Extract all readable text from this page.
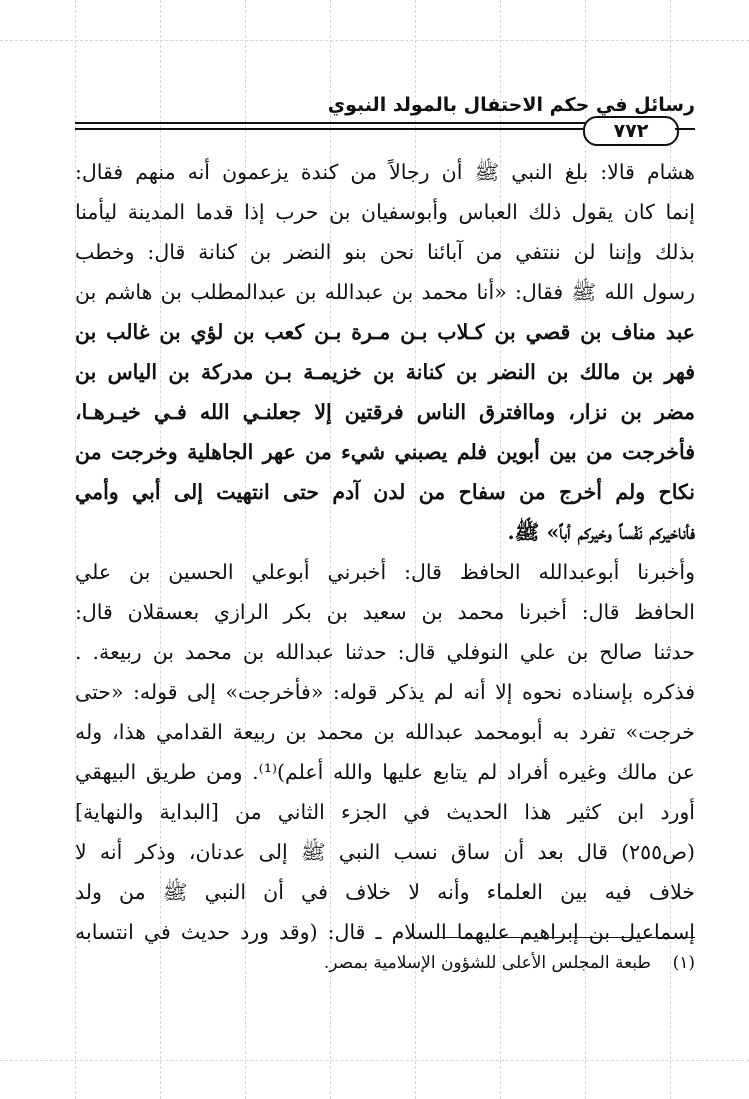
رسائل في حكم الاحتفال بالمولد النبوي
٧٧٢
هشام قالا: بلغ النبي ﷺ أن رجالاً من كندة يزعمون أنه منهم فقال:
إنما كان يقول ذلك العباس وأبوسفيان بن حرب إذا قدما المدينة ليأمنا
بذلك وإننا لن ننتفي من آبائنا نحن بنو النضر بن كنانة قال: وخطب
رسول الله ﷺ فقال: «أنا محمد بن عبدالله بن عبدالمطلب بن هاشم بن
عبد مناف بن قصي بن كـلاب بـن مـرة بـن كعب بن لؤي بن غالب بن
فهر بن مالك بن النضر بن كنانة بن خزيمـة بـن مدركة بن الياس بن
مضر بن نزار، وماافترق الناس فرقتين إلا جعلنـي الله فـي خيـرهـا،
فأخرجت من بين أبوين فلم يصبني شيء من عهر الجاهلية وخرجت من
نكاح ولم أخرج من سفاح من لدن آدم حتى انتهيت إلى أبي وأمي
فأناخيركم نَفْساً وخيركم أباً» ﷺ.
وأخبرنا أبوعبدالله الحافظ قال: أخبرني أبوعلي الحسين بن علي
الحافظ قال: أخبرنا محمد بن سعيد بن بكر الرازي بعسقلان قال:
حدثنا صالح بن علي النوفلي قال: حدثنا عبدالله بن محمد بن ربيعة. .
فذكره بإسناده نحوه إلا أنه لم يذكر قوله: «فأخرجت» إلى قوله: «حتى
خرجت» تفرد به أبومحمد عبدالله بن محمد بن ربيعة القدامي هذا، وله
عن مالك وغيره أفراد لم يتابع عليها والله أعلم)⁽¹⁾. ومن طريق البيهقي
أورد ابن كثير هذا الحديث في الجزء الثاني من [البداية والنهاية]
(ص٢٥٥) قال بعد أن ساق نسب النبي ﷺ إلى عدنان، وذكر أنه لا
خلاف فيه بين العلماء وأنه لا خلاف في أن النبي ﷺ من ولد
إسماعيل بن إبراهيم عليهما السلام ـ قال: (وقد ورد حديث في انتسابه
(١)    طبعة المجلس الأعلى للشؤون الإسلامية بمصر.
